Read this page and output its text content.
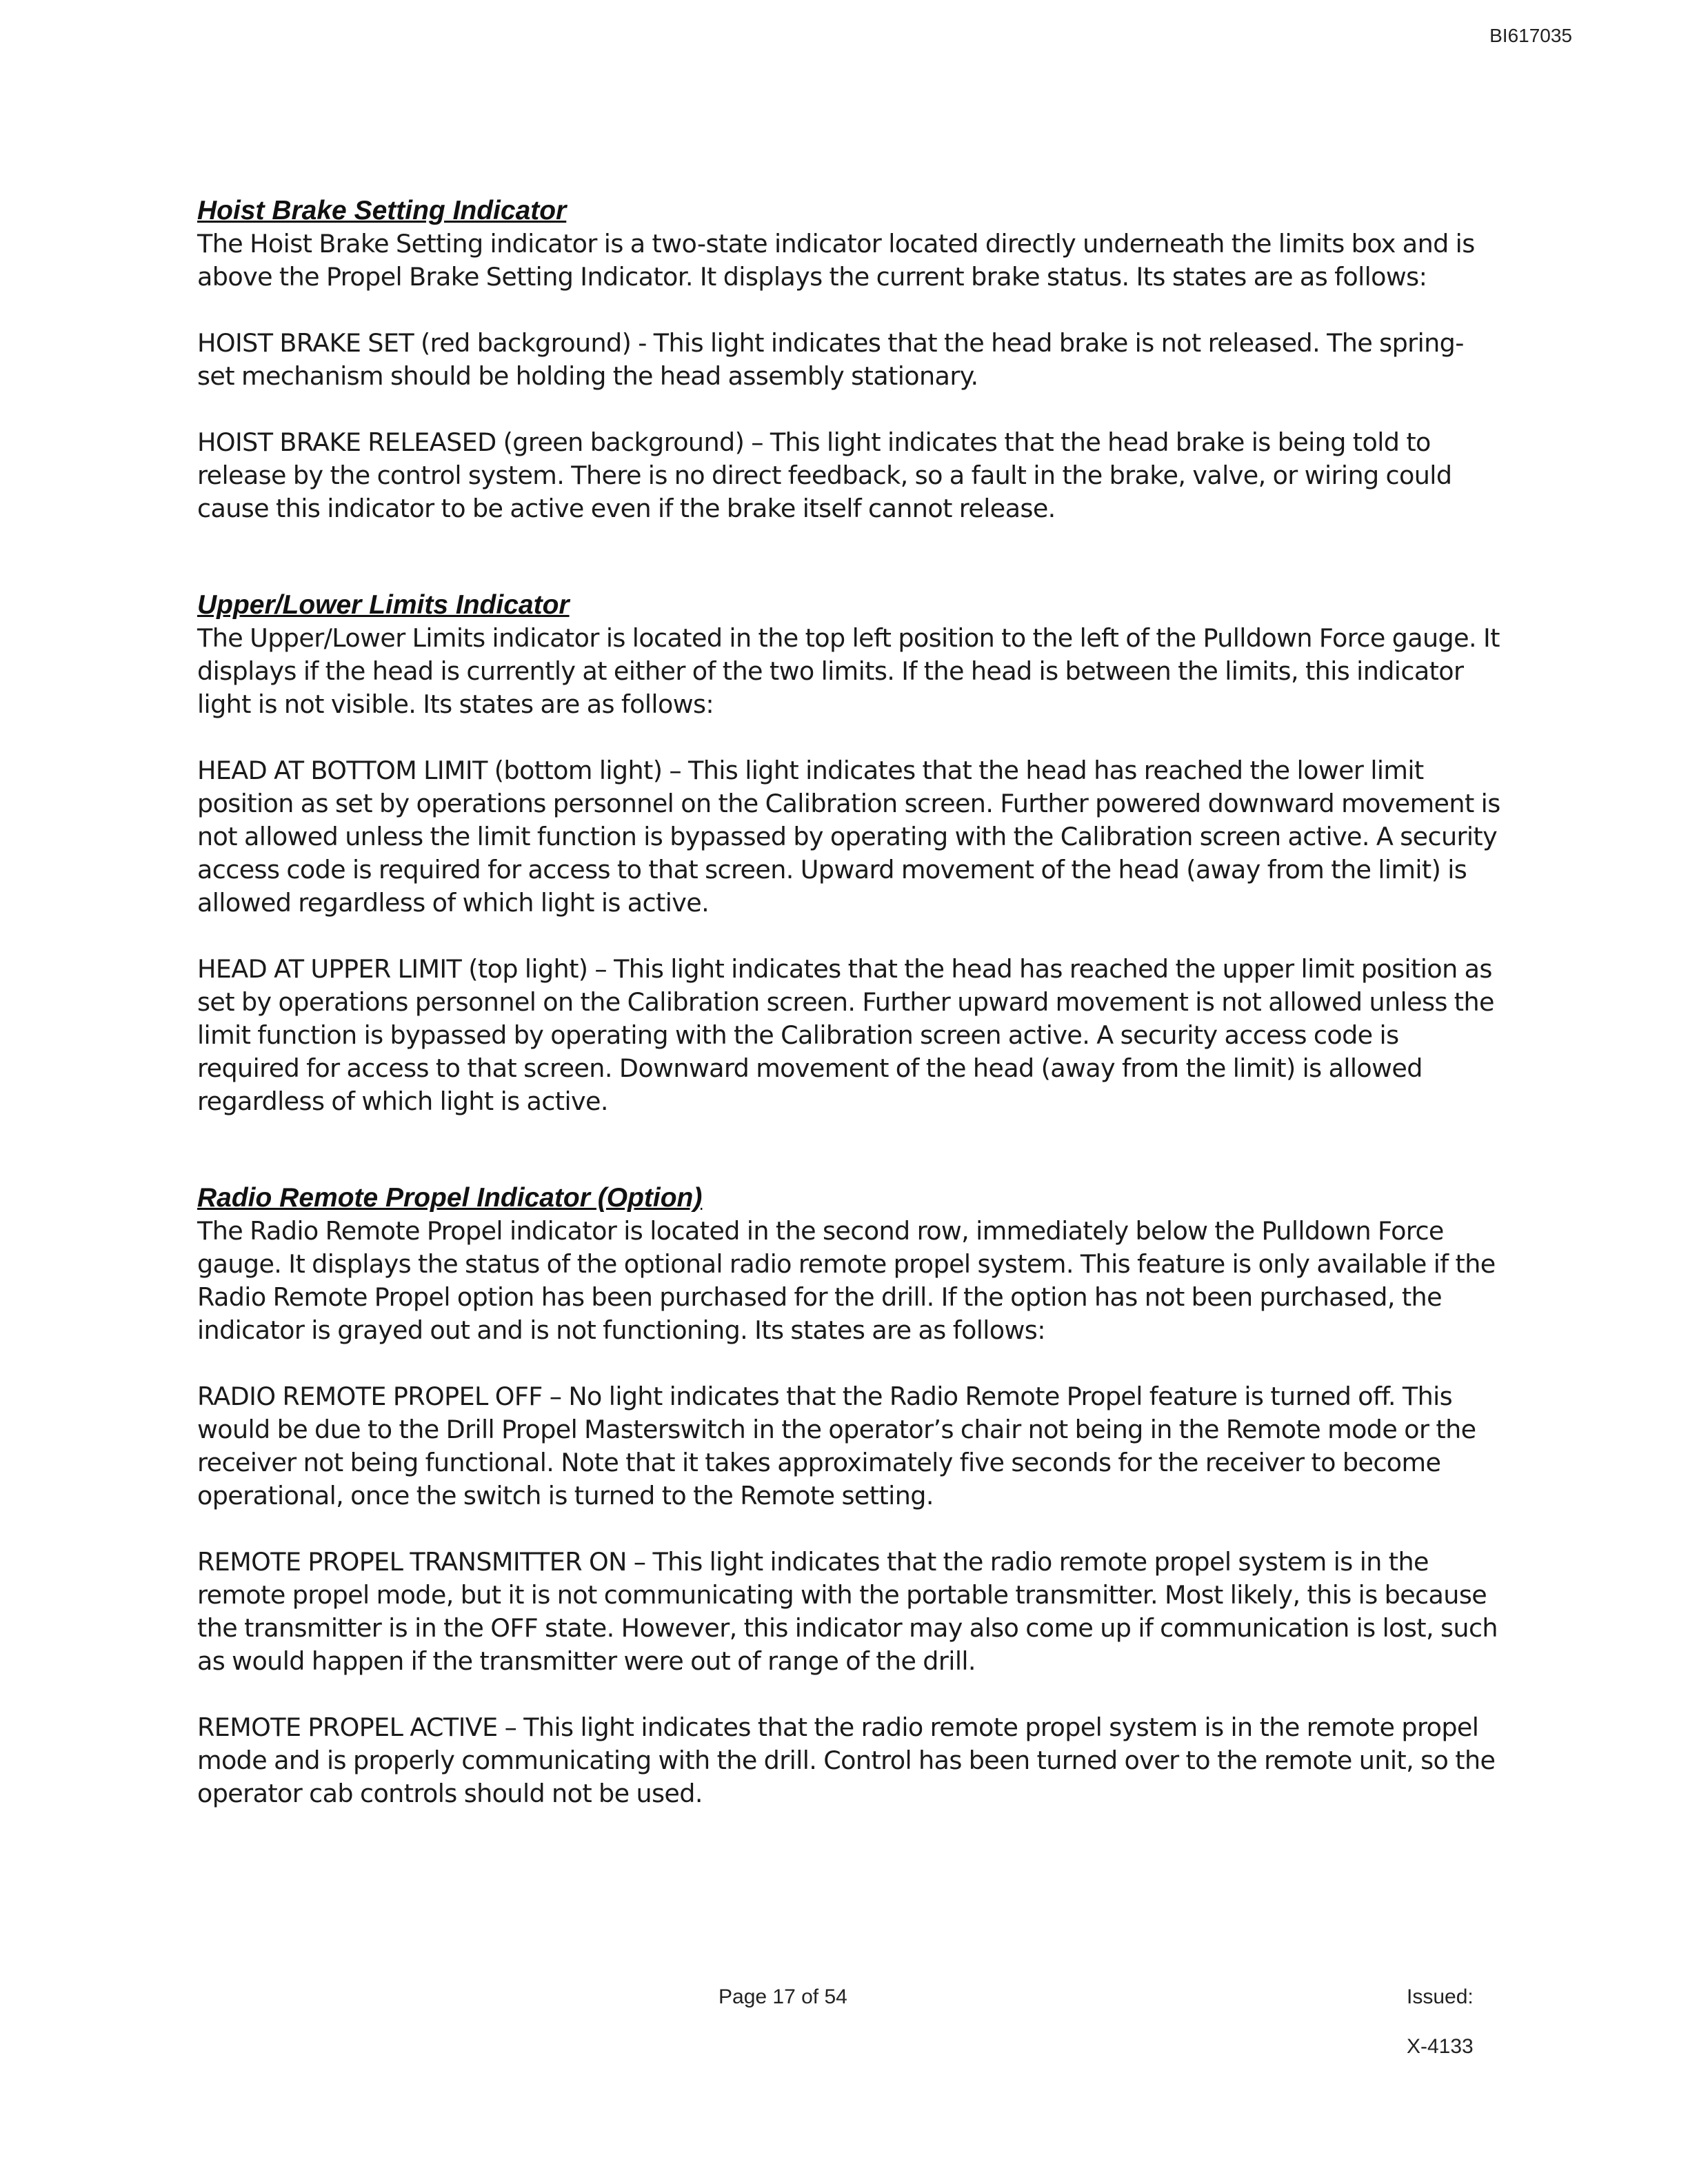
BI617035

Hoist Brake Setting Indicator

The Hoist Brake Setting indicator is a two-state indicator located directly underneath the limits box and is above the Propel Brake Setting Indicator. It displays the current brake status. Its states are as follows:

HOIST BRAKE SET (red background) - This light indicates that the head brake is not released. The spring-set mechanism should be holding the head assembly stationary.

HOIST BRAKE RELEASED (green background) – This light indicates that the head brake is being told to release by the control system. There is no direct feedback, so a fault in the brake, valve, or wiring could cause this indicator to be active even if the brake itself cannot release.

Upper/Lower Limits Indicator

The Upper/Lower Limits indicator is located in the top left position to the left of the Pulldown Force gauge. It displays if the head is currently at either of the two limits. If the head is between the limits, this indicator light is not visible. Its states are as follows:

HEAD AT BOTTOM LIMIT (bottom light) – This light indicates that the head has reached the lower limit position as set by operations personnel on the Calibration screen. Further powered downward movement is not allowed unless the limit function is bypassed by operating with the Calibration screen active. A security access code is required for access to that screen. Upward movement of the head (away from the limit) is allowed regardless of which light is active.

HEAD AT UPPER LIMIT (top light) – This light indicates that the head has reached the upper limit position as set by operations personnel on the Calibration screen. Further upward movement is not allowed unless the limit function is bypassed by operating with the Calibration screen active. A security access code is required for access to that screen. Downward movement of the head (away from the limit) is allowed regardless of which light is active.

Radio Remote Propel Indicator (Option)

The Radio Remote Propel indicator is located in the second row, immediately below the Pulldown Force gauge. It displays the status of the optional radio remote propel system. This feature is only available if the Radio Remote Propel option has been purchased for the drill. If the option has not been purchased, the indicator is grayed out and is not functioning. Its states are as follows:

RADIO REMOTE PROPEL OFF – No light indicates that the Radio Remote Propel feature is turned off. This would be due to the Drill Propel Masterswitch in the operator’s chair not being in the Remote mode or the receiver not being functional. Note that it takes approximately five seconds for the receiver to become operational, once the switch is turned to the Remote setting.

REMOTE PROPEL TRANSMITTER ON – This light indicates that the radio remote propel system is in the remote propel mode, but it is not communicating with the portable transmitter. Most likely, this is because the transmitter is in the OFF state. However, this indicator may also come up if communication is lost, such as would happen if the transmitter were out of range of the drill.

REMOTE PROPEL ACTIVE – This light indicates that the radio remote propel system is in the remote propel mode and is properly communicating with the drill. Control has been turned over to the remote unit, so the operator cab controls should not be used.

Page 17 of 54	Issued:
X-4133
